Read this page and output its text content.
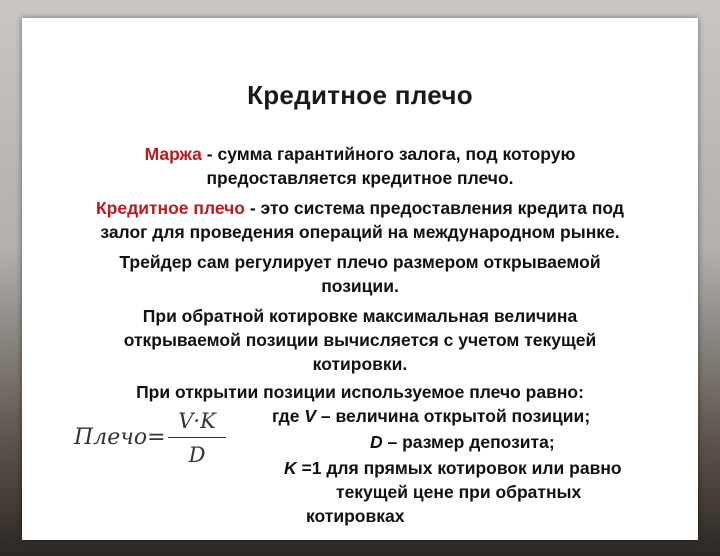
Кредитное плечо
Маржа - сумма гарантийного залога, под которую
предоставляется кредитное плечо.
Кредитное плечо - это система предоставления кредита под
залог для проведения операций на международном рынке.
Трейдер сам регулирует плечо размером открываемой
позиции.
При обратной котировке максимальная величина
открываемой позиции вычисляется с учетом текущей
котировки.
При открытии позиции используемое плечо равно:
Плечо=
V·K
D
где V – величина открытой позиции;
D – размер депозита;
K =1 для прямых котировок или равно
текущей цене при обратных
котировках
